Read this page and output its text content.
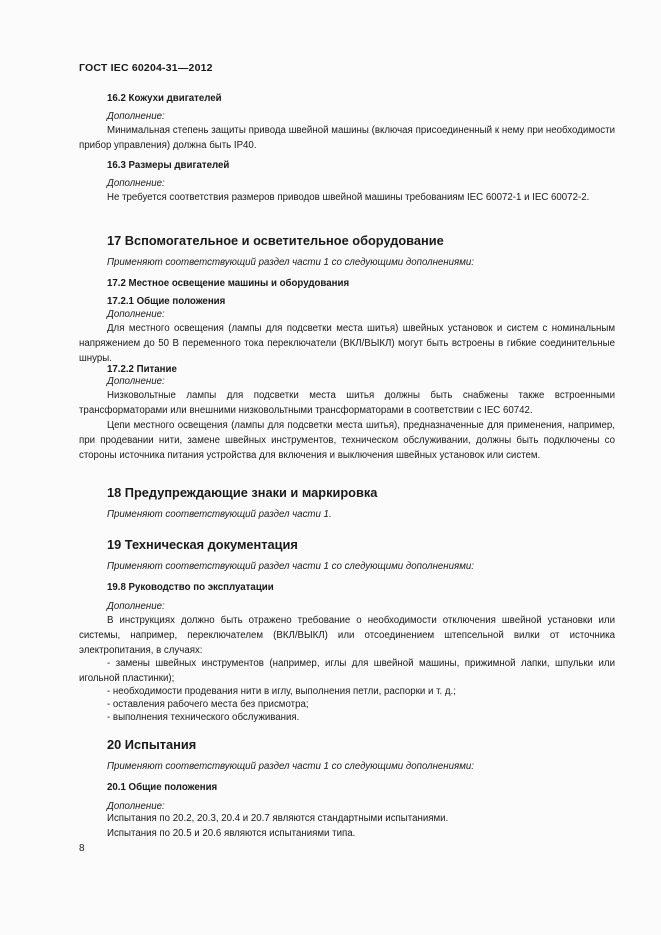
ГОСТ IEC 60204-31—2012

16.2 Кожухи двигателей

Дополнение:

Минимальная степень защиты привода швейной машины (включая присоединенный к нему при необходимости прибор управления) должна быть IP40.

16.3 Размеры двигателей

Дополнение:

Не требуется соответствия размеров приводов швейной машины требованиям IEC 60072-1 и IEC 60072-2.

17 Вспомогательное и осветительное оборудование

Применяют соответствующий раздел части 1 со следующими дополнениями:

17.2 Местное освещение машины и оборудования

17.2.1 Общие положения

Дополнение:

Для местного освещения (лампы для подсветки места шитья) швейных установок и систем с номинальным напряжением до 50 В переменного тока переключатели (ВКЛ/ВЫКЛ) могут быть встроены в гибкие соединительные шнуры.

17.2.2 Питание

Дополнение:

Низковольтные лампы для подсветки места шитья должны быть снабжены также встроенными трансформаторами или внешними низковольтными трансформаторами в соответствии с IEC 60742.

Цепи местного освещения (лампы для подсветки места шитья), предназначенные для применения, например, при продевании нити, замене швейных инструментов, техническом обслуживании, должны быть подключены со стороны источника питания устройства для включения и выключения швейных установок или систем.

18 Предупреждающие знаки и маркировка

Применяют соответствующий раздел части 1.

19 Техническая документация

Применяют соответствующий раздел части 1 со следующими дополнениями:

19.8 Руководство по эксплуатации

Дополнение:

В инструкциях должно быть отражено требование о необходимости отключения швейной установки или системы, например, переключателем (ВКЛ/ВЫКЛ) или отсоединением штепсельной вилки от источника электропитания, в случаях:

- замены швейных инструментов (например, иглы для швейной машины, прижимной лапки, шпульки или игольной пластинки);

- необходимости продевания нити в иглу, выполнения петли, распорки и т. д.;

- оставления рабочего места без присмотра;

- выполнения технического обслуживания.

20 Испытания

Применяют соответствующий раздел части 1 со следующими дополнениями:

20.1 Общие положения

Дополнение:

Испытания по 20.2, 20.3, 20.4 и 20.7 являются стандартными испытаниями.

Испытания по 20.5 и 20.6 являются испытаниями типа.

8
